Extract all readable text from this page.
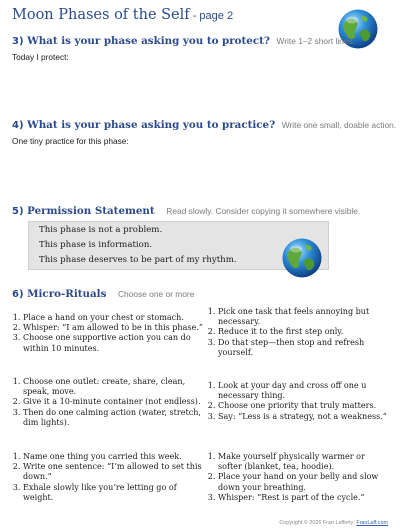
Moon Phases of the Self - page 2
3) What is your phase asking you to protect? Write 1–2 short lines.
Today I protect:
4) What is your phase asking you to practice? Write one small, doable action.
One tiny practice for this phase:
5) Permission Statement Read slowly. Consider copying it somewhere visible.
This phase is not a problem.
This phase is information.
This phase deserves to be part of my rhythm.
6) Micro-Rituals Choose one or more
1. Place a hand on your chest or stomach.
2. Whisper: “I am allowed to be in this phase.”
3. Choose one supportive action you can do within 10 minutes.
1. Choose one outlet: create, share, clean, speak, move.
2. Give it a 10-minute container (not endless).
3. Then do one calming action (water, stretch, dim lights).
1. Name one thing you carried this week.
2. Write one sentence: “I’m allowed to set this down.”
3. Exhale slowly like you’re letting go of weight.
1. Pick one task that feels annoying but necessary.
2. Reduce it to the first step only.
3. Do that step—then stop and refresh yourself.
1. Look at your day and cross off one u necessary thing.
2. Choose one priority that truly matters.
3. Say: “Less is a strategy, not a weakness.”
1. Make yourself physically warmer or softer (blanket, tea, hoodie).
2. Place your hand on your belly and slow down your breathing.
3. Whisper: “Rest is part of the cycle.”
Copyright © 2026 Fran Lafferty: FranLaff.com
